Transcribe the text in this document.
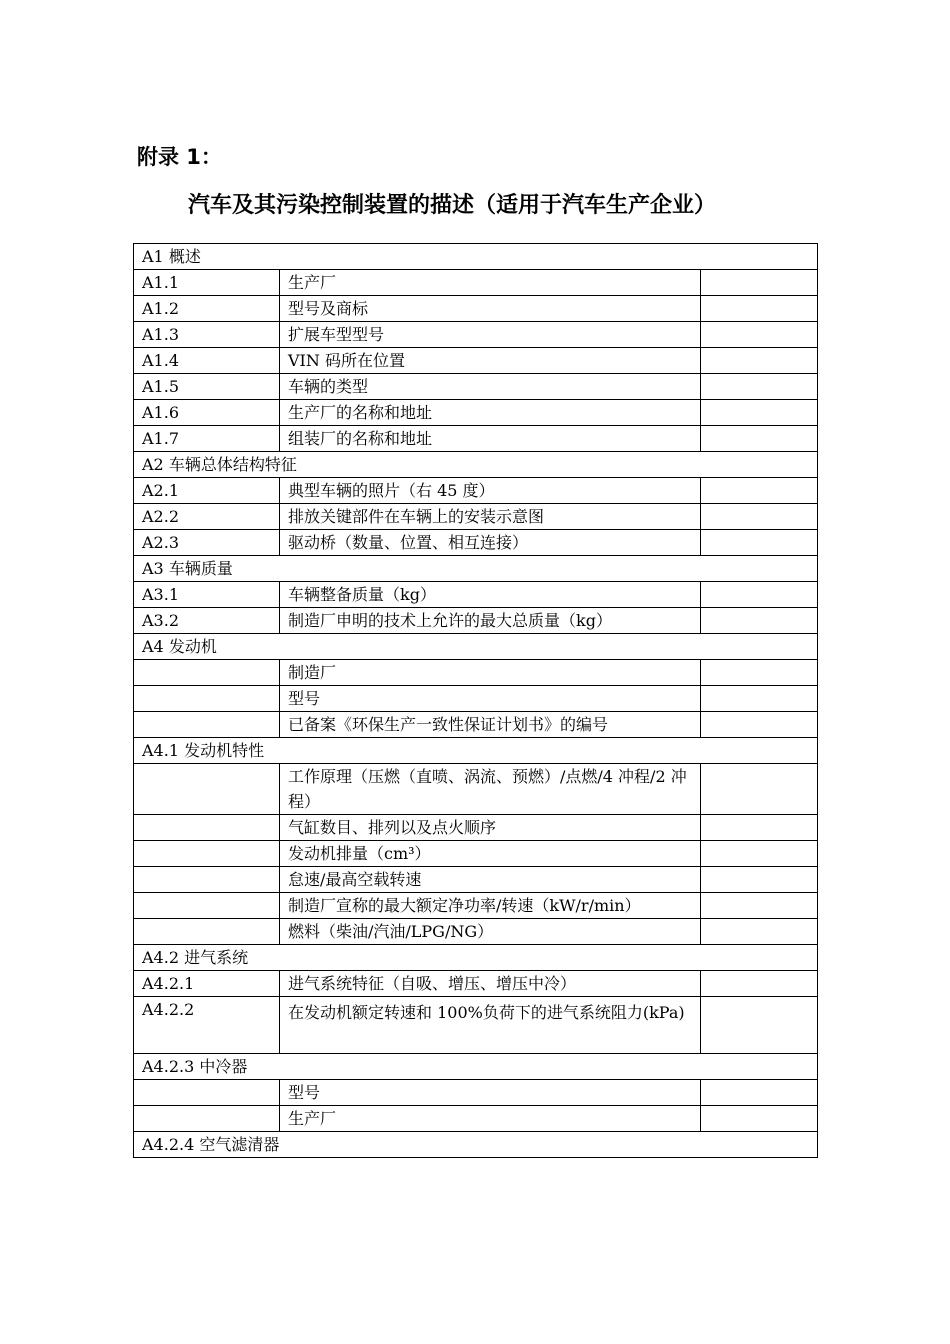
附录 1：
汽车及其污染控制装置的描述（适用于汽车生产企业）
A1 概述		
A1.1	生产厂	
A1.2	型号及商标	
A1.3	扩展车型型号	
A1.4	VIN 码所在位置	
A1.5	车辆的类型	
A1.6	生产厂的名称和地址	
A1.7	组装厂的名称和地址	
A2 车辆总体结构特征		
A2.1	典型车辆的照片（右 45 度）	
A2.2	排放关键部件在车辆上的安装示意图	
A2.3	驱动桥（数量、位置、相互连接）	
A3 车辆质量		
A3.1	车辆整备质量（kg）	
A3.2	制造厂申明的技术上允许的最大总质量（kg）	
A4 发动机		
	制造厂	
	型号	
	已备案《环保生产一致性保证计划书》的编号	
A4.1 发动机特性		
	工作原理（压燃（直喷、涡流、预燃）/点燃/4 冲程/2 冲程）	
	气缸数目、排列以及点火顺序	
	发动机排量（cm³）	
	怠速/最高空载转速	
	制造厂宣称的最大额定净功率/转速（kW/r/min）	
	燃料（柴油/汽油/LPG/NG）	
A4.2 进气系统		
A4.2.1	进气系统特征（自吸、增压、增压中冷）	
A4.2.2	在发动机额定转速和 100%负荷下的进气系统阻力(kPa)	
A4.2.3 中冷器		
	型号	
	生产厂	
A4.2.4 空气滤清器		
